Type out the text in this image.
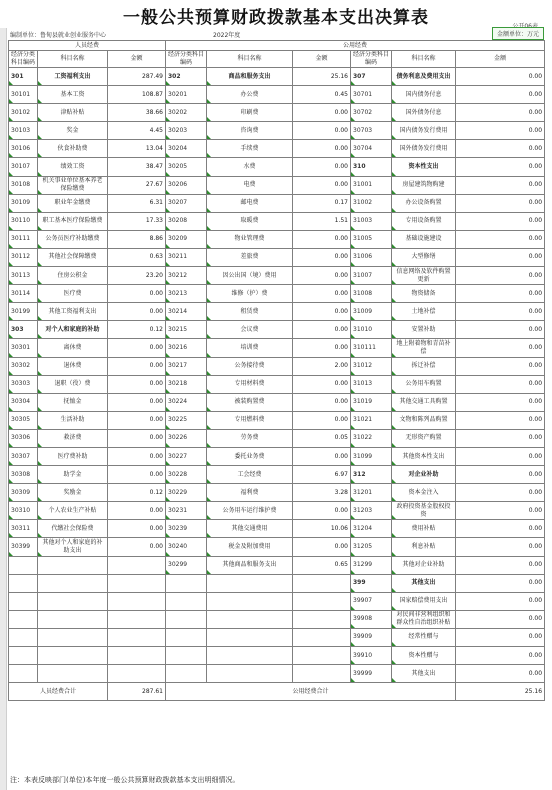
一般公共预算财政拨款基本支出决算表
编制单位：鲁甸县就业创业服务中心	2022年度	金额单位：万元
人员经费			公用经费					
经济分类科目编码	科目名称	金额	经济分类科目编码	科目名称	金额	经济分类科目编码	科目名称	金额
301	工资福利支出	287.49	302	商品和服务支出	25.16	307	债务利息及费用支出	0.00
30101	基本工资	108.87	30201	办公费	0.45	30701	国内债务付息	0.00
30102	津贴补贴	38.66	30202	印刷费	0.00	30702	国外债务付息	0.00
30103	奖金	4.45	30203	咨询费	0.00	30703	国内债务发行费用	0.00
30106	伙食补助费	13.04	30204	手续费	0.00	30704	国外债务发行费用	0.00
30107	绩效工资	38.47	30205	水费	0.00	310	资本性支出	0.00
30108	机关事业单位基本养老保险缴费	27.67	30206	电费	0.00	31001	房屋建筑物购建	0.00
30109	职业年金缴费	6.31	30207	邮电费	0.17	31002	办公设备购置	0.00
30110	职工基本医疗保险缴费	17.33	30208	取暖费	1.51	31003	专用设备购置	0.00
30111	公务员医疗补助缴费	8.86	30209	物业管理费	0.00	31005	基础设施建设	0.00
30112	其他社会保障缴费	0.63	30211	差旅费	0.00	31006	大型修缮	0.00
30113	住房公积金	23.20	30212	因公出国（境）费用	0.00	31007	信息网络及软件购置更新	0.00
30114	医疗费	0.00	30213	维修（护）费	0.00	31008	物资储备	0.00
30199	其他工资福利支出	0.00	30214	租赁费	0.00	31009	土地补偿	0.00
303	对个人和家庭的补助	0.12	30215	会议费	0.00	31010	安置补助	0.00
30301	离休费	0.00	30216	培训费	0.00	310111	地上附着物和青苗补偿	0.00
30302	退休费	0.00	30217	公务接待费	2.00	31012	拆迁补偿	0.00
30303	退职（役）费	0.00	30218	专用材料费	0.00	31013	公务用车购置	0.00
30304	抚恤金	0.00	30224	被装购置费	0.00	31019	其他交通工具购置	0.00
30305	生活补助	0.00	30225	专用燃料费	0.00	31021	文物和陈列品购置	0.00
30306	救济费	0.00	30226	劳务费	0.05	31022	无形资产购置	0.00
30307	医疗费补助	0.00	30227	委托业务费	0.00	31099	其他资本性支出	0.00
30308	助学金	0.00	30228	工会经费	6.97	312	对企业补助	0.00
30309	奖励金	0.12	30229	福利费	3.28	31201	资本金注入	0.00
30310	个人农业生产补贴	0.00	30231	公务用车运行维护费	0.00	31203	政府投资基金股权投资	0.00
30311	代缴社会保险费	0.00	30239	其他交通费用	10.06	31204	费用补贴	0.00
30399	其他对个人和家庭的补助支出	0.00	30240	税金及附加费用	0.00	31205	利息补贴	0.00
			30299	其他商品和服务支出	0.65	31299	其他对企业补助	0.00
						399	其他支出	0.00
						39907	国家赔偿费用支出	0.00
						39908	对民间非营利组织和群众性自治组织补贴	0.00
						39909	经常性赠与	0.00
						39910	资本性赠与	0.00
						39999	其他支出	0.00
人员经费合计		287.61	公用经费合计					25.16
注：本表反映部门(单位)本年度一般公共预算财政拨款基本支出明细情况。
